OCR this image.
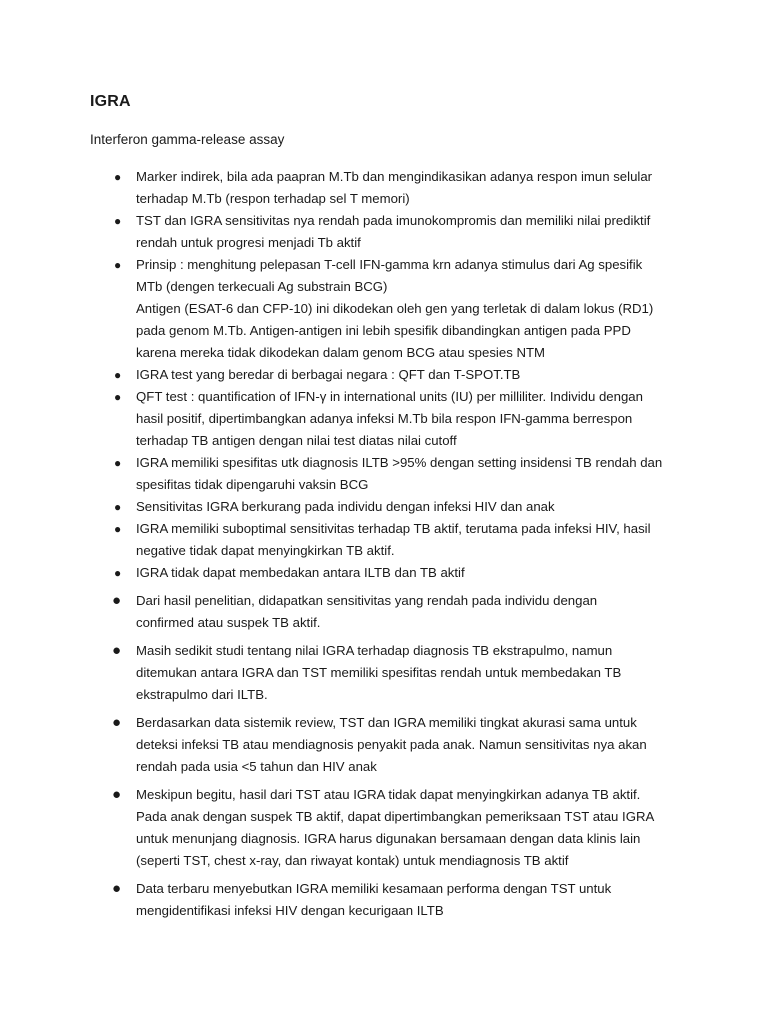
IGRA

Interferon gamma-release assay

● Marker indirek, bila ada paapran M.Tb dan mengindikasikan adanya respon imun selular
terhadap M.Tb (respon terhadap sel T memori)
● TST dan IGRA sensitivitas nya rendah pada imunokompromis dan memiliki nilai prediktif
rendah untuk progresi menjadi Tb aktif
● Prinsip : menghitung pelepasan T-cell IFN-gamma krn adanya stimulus dari Ag spesifik
MTb (dengen terkecuali Ag substrain BCG)
Antigen (ESAT-6 dan CFP-10) ini dikodekan oleh gen yang terletak di dalam lokus (RD1)
pada genom M.Tb. Antigen-antigen ini lebih spesifik dibandingkan antigen pada PPD
karena mereka tidak dikodekan dalam genom BCG atau spesies NTM
● IGRA test yang beredar di berbagai negara : QFT dan T-SPOT.TB
● QFT test : quantification of IFN-γ in international units (IU) per milliliter. Individu dengan
hasil positif, dipertimbangkan adanya infeksi M.Tb bila respon IFN-gamma berrespon
terhadap TB antigen dengan nilai test diatas nilai cutoff
● IGRA memiliki spesifitas utk diagnosis ILTB >95% dengan setting insidensi TB rendah dan
spesifitas tidak dipengaruhi vaksin BCG
● Sensitivitas IGRA berkurang pada individu dengan infeksi HIV dan anak
● IGRA memiliki suboptimal sensitivitas terhadap TB aktif, terutama pada infeksi HIV, hasil
negative tidak dapat menyingkirkan TB aktif.
● IGRA tidak dapat membedakan antara ILTB dan TB aktif
● Dari hasil penelitian, didapatkan sensitivitas yang rendah pada individu dengan
confirmed atau suspek TB aktif.
● Masih sedikit studi tentang nilai IGRA terhadap diagnosis TB ekstrapulmo, namun
ditemukan antara IGRA dan TST memiliki spesifitas rendah untuk membedakan TB
ekstrapulmo dari ILTB.
● Berdasarkan data sistemik review, TST dan IGRA memiliki tingkat akurasi sama untuk
deteksi infeksi TB atau mendiagnosis penyakit pada anak. Namun sensitivitas nya akan
rendah pada usia <5 tahun dan HIV anak
● Meskipun begitu, hasil dari TST atau IGRA tidak dapat menyingkirkan adanya TB aktif.
Pada anak dengan suspek TB aktif, dapat dipertimbangkan pemeriksaan TST atau IGRA
untuk menunjang diagnosis. IGRA harus digunakan bersamaan dengan data klinis lain
(seperti TST, chest x-ray, dan riwayat kontak) untuk mendiagnosis TB aktif
● Data terbaru menyebutkan IGRA memiliki kesamaan performa dengan TST untuk
mengidentifikasi infeksi HIV dengan kecurigaan ILTB
